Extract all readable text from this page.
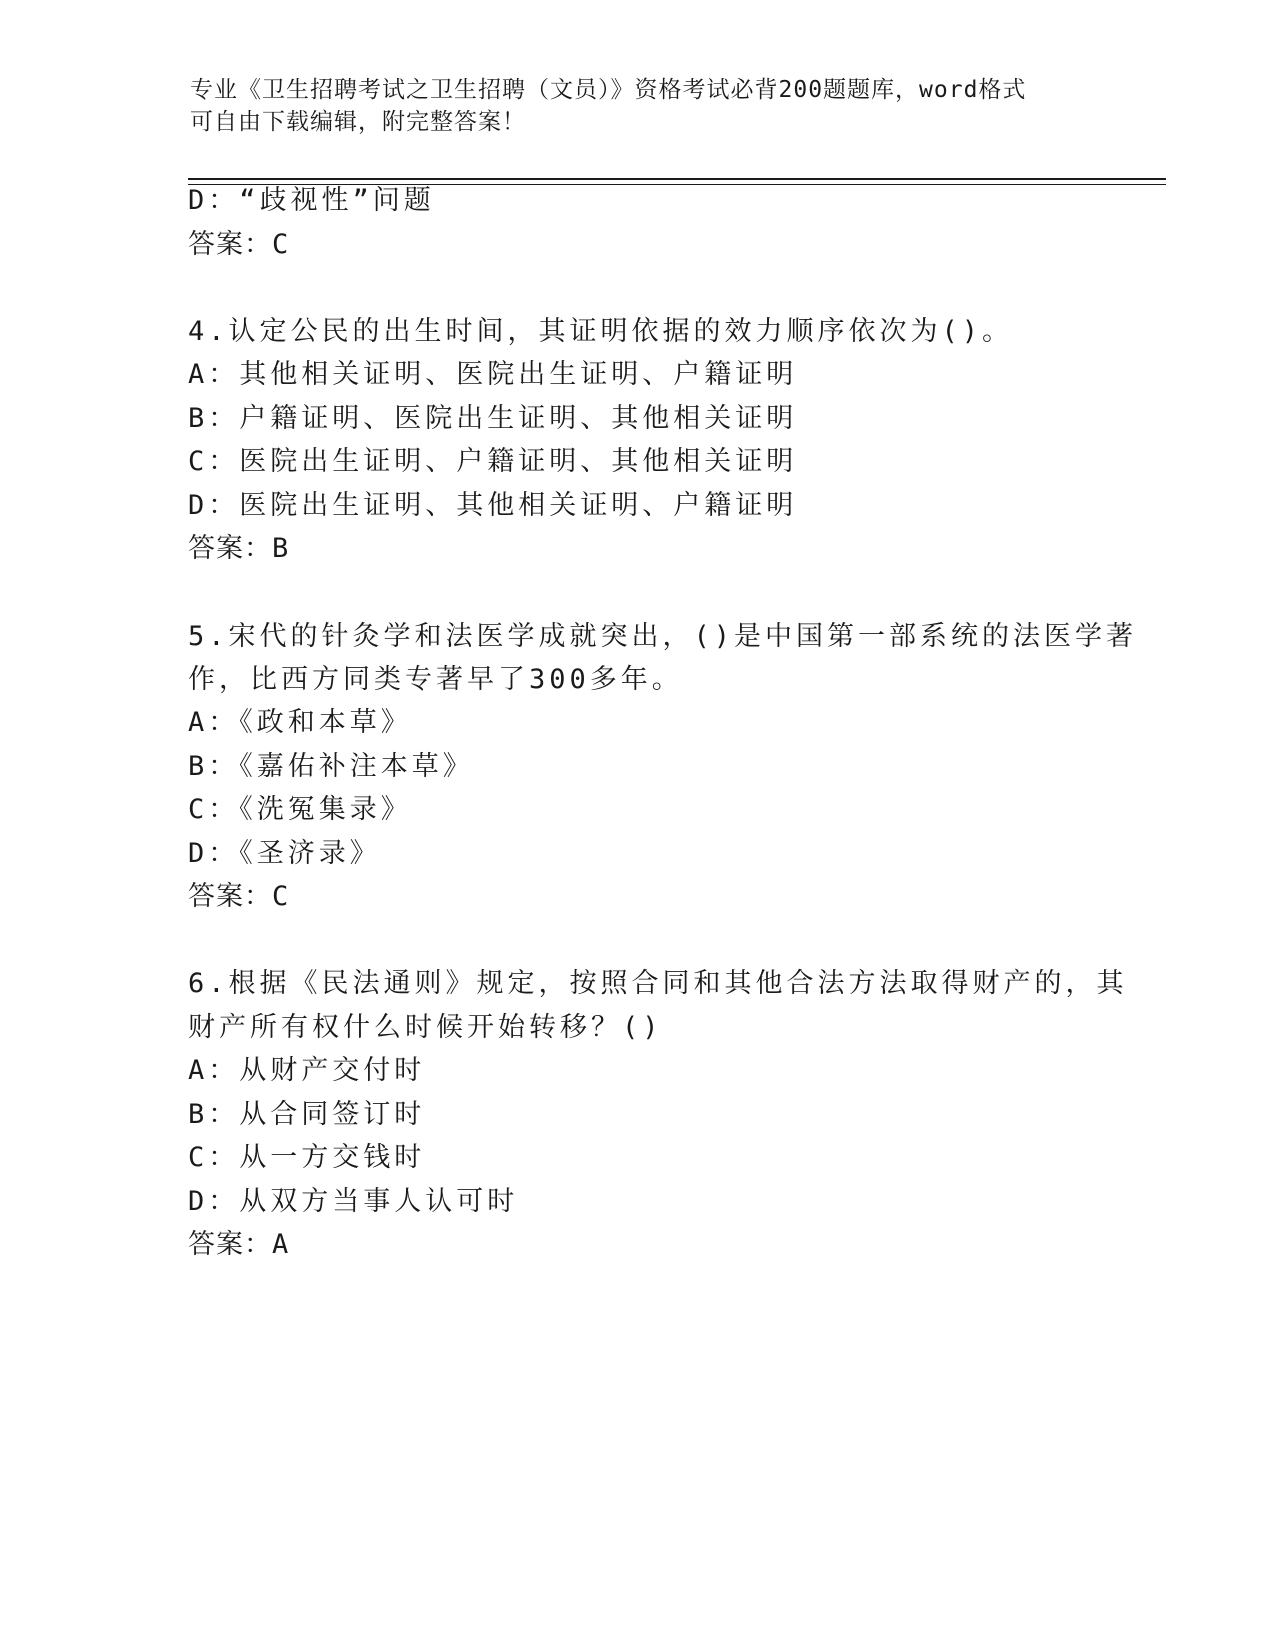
专业《卫生招聘考试之卫生招聘（文员）》资格考试必背200题题库，word格式
可自由下载编辑，附完整答案！
D：“歧视性”问题
答案：C
4.认定公民的出生时间，其证明依据的效力顺序依次为()。
A：其他相关证明、医院出生证明、户籍证明
B：户籍证明、医院出生证明、其他相关证明
C：医院出生证明、户籍证明、其他相关证明
D：医院出生证明、其他相关证明、户籍证明
答案：B
5.宋代的针灸学和法医学成就突出，()是中国第一部系统的法医学著
作，比西方同类专著早了300多年。
A：《政和本草》
B：《嘉佑补注本草》
C：《洗冤集录》
D：《圣济录》
答案：C
6.根据《民法通则》规定，按照合同和其他合法方法取得财产的，其
财产所有权什么时候开始转移？()
A：从财产交付时
B：从合同签订时
C：从一方交钱时
D：从双方当事人认可时
答案：A
